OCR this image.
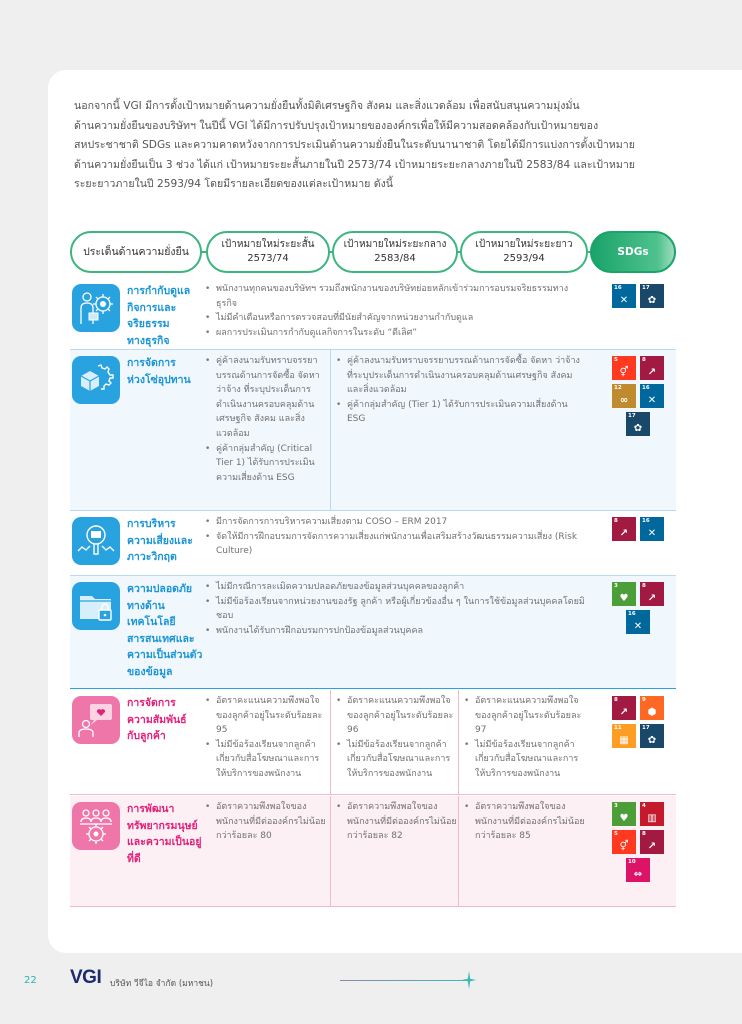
นอกจากนี้ VGI มีการตั้งเป้าหมายด้านความยั่งยืนทั้งมิติเศรษฐกิจ สังคม และสิ่งแวดล้อม เพื่อสนับสนุนความมุ่งมั่น

ด้านความยั่งยืนของบริษัทฯ ในปีนี้ VGI ได้มีการปรับปรุงเป้าหมายขององค์กรเพื่อให้มีความสอดคล้องกับเป้าหมายของ

สหประชาชาติ SDGs และความคาดหวังจากการประเมินด้านความยั่งยืนในระดับนานาชาติ โดยได้มีการแบ่งการตั้งเป้าหมาย

ด้านความยั่งยืนเป็น 3 ช่วง ได้แก่ เป้าหมายระยะสั้นภายในปี 2573/74 เป้าหมายระยะกลางภายในปี 2583/84 และเป้าหมาย

ระยะยาวภายในปี 2593/94 โดยมีรายละเอียดของแต่ละเป้าหมาย ดังนี้

ประเด็นด้านความยั่งยืน
เป้าหมายใหม่ระยะสั้น
2573/74
เป้าหมายใหม่ระยะกลาง
2583/84
เป้าหมายใหม่ระยะยาว
2593/94
SDGs
การกำกับดูแล
กิจการและ
จริยธรรม
ทางธุรกิจ
• พนักงานทุกคนของบริษัทฯ รวมถึงพนักงานของบริษัทย่อยหลักเข้าร่วมการอบรมจริยธรรมทางธุรกิจ
• ไม่มีคำเตือนหรือการตรวจสอบที่มีนัยสำคัญจากหน่วยงานกำกับดูแล
• ผลการประเมินการกำกับดูแลกิจการในระดับ “ดีเลิศ”
16
✕
17
✿
การจัดการ
ห่วงโซ่อุปทาน
• คู่ค้าลงนามรับทราบจรรยาบรรณด้านการจัดซื้อ จัดหา ว่าจ้าง ที่ระบุประเด็นการดำเนินงานครอบคลุมด้านเศรษฐกิจ สังคม และสิ่งแวดล้อม
• คู่ค้ากลุ่มสำคัญ (Critical Tier 1) ได้รับการประเมินความเสี่ยงด้าน ESG
• คู่ค้าลงนามรับทราบจรรยาบรรณด้านการจัดซื้อ จัดหา ว่าจ้าง ที่ระบุประเด็นการดำเนินงานครอบคลุมด้านเศรษฐกิจ สังคม และสิ่งแวดล้อม
• คู่ค้ากลุ่มสำคัญ (Tier 1) ได้รับการประเมินความเสี่ยงด้าน ESG
5
⚥
8
↗
12
∞
16
✕
17
✿
การบริหาร
ความเสี่ยงและ
ภาวะวิกฤต
• มีการจัดการการบริหารความเสี่ยงตาม COSO – ERM 2017
• จัดให้มีการฝึกอบรมการจัดการความเสี่ยงแก่พนักงานเพื่อเสริมสร้างวัฒนธรรมความเสี่ยง (Risk Culture)
8
↗
16
✕
ความปลอดภัย
ทางด้าน
เทคโนโลยี
สารสนเทศและ
ความเป็นส่วนตัว
ของข้อมูล
• ไม่มีกรณีการละเมิดความปลอดภัยของข้อมูลส่วนบุคคลของลูกค้า
• ไม่มีข้อร้องเรียนจากหน่วยงานของรัฐ ลูกค้า หรือผู้เกี่ยวข้องอื่น ๆ ในการใช้ข้อมูลส่วนบุคคลโดยมิชอบ
• พนักงานได้รับการฝึกอบรมการปกป้องข้อมูลส่วนบุคคล
3
♥
8
↗
16
✕
การจัดการ
ความสัมพันธ์
กับลูกค้า
• อัตราคะแนนความพึงพอใจของลูกค้าอยู่ในระดับร้อยละ 95
• ไม่มีข้อร้องเรียนจากลูกค้าเกี่ยวกับสื่อโฆษณาและการให้บริการของพนักงาน
• อัตราคะแนนความพึงพอใจของลูกค้าอยู่ในระดับร้อยละ 96
• ไม่มีข้อร้องเรียนจากลูกค้าเกี่ยวกับสื่อโฆษณาและการให้บริการของพนักงาน
• อัตราคะแนนความพึงพอใจของลูกค้าอยู่ในระดับร้อยละ 97
• ไม่มีข้อร้องเรียนจากลูกค้าเกี่ยวกับสื่อโฆษณาและการให้บริการของพนักงาน
8
↗
9
⬢
11
▦
17
✿
การพัฒนา
ทรัพยากรมนุษย์
และความเป็นอยู่
ที่ดี
• อัตราความพึงพอใจของพนักงานที่มีต่อองค์กรไม่น้อยกว่าร้อยละ 80
• อัตราความพึงพอใจของพนักงานที่มีต่อองค์กรไม่น้อยกว่าร้อยละ 82
• อัตราความพึงพอใจของพนักงานที่มีต่อองค์กรไม่น้อยกว่าร้อยละ 85
3
♥
4
▥
5
⚥
8
↗
10
⇔
22 VGI บริษัท วีจีไอ จำกัด (มหาชน)
